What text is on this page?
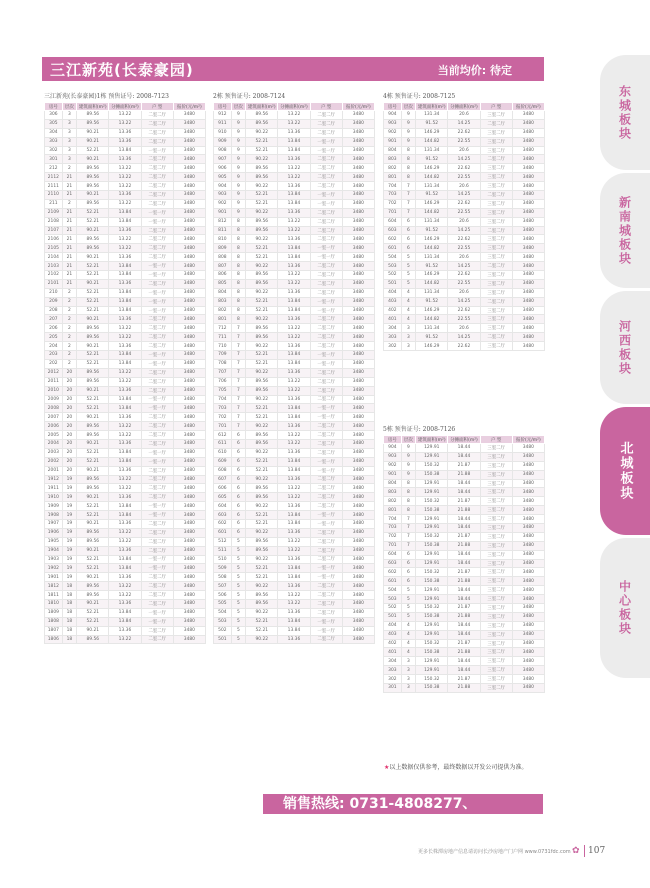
三江新苑(长泰豪园)	当前均价: 待定
东城板块
新南城板块
河西板块
北城板块
中心板块
三江新苑(长泰豪园)1栋 预售证号: 2008-7123
房号	层次	建筑面积(m²)	分摊面积(m²)	户 型	报价(元/m²)
306	3	89.56	13.22	二室二厅	3480
305	3	89.56	13.22	二室二厅	3480
304	3	90.21	13.36	二室二厅	3480
303	3	90.21	13.36	二室二厅	3480
302	3	52.21	13.84	一室一厅	3480
301	3	90.21	13.36	二室二厅	3480
212	2	89.56	13.22	二室二厅	3480
2112	21	89.56	13.22	二室二厅	3480
2111	21	89.56	13.22	二室二厅	3480
2110	21	90.21	13.36	二室二厅	3480
211	2	89.56	13.22	二室二厅	3480
2109	21	52.21	13.84	一室一厅	3480
2108	21	52.21	13.84	一室一厅	3480
2107	21	90.21	13.36	二室二厅	3480
2106	21	89.56	13.22	二室二厅	3480
2105	21	89.56	13.22	二室二厅	3480
2104	21	90.21	13.36	二室二厅	3480
2103	21	52.21	13.84	一室一厅	3480
2102	21	52.21	13.84	一室一厅	3480
2101	21	90.21	13.36	二室二厅	3480
210	2	52.21	13.84	一室一厅	3480
209	2	52.21	13.84	一室一厅	3480
208	2	52.21	13.84	一室一厅	3480
207	2	90.21	13.36	二室二厅	3480
206	2	89.56	13.22	二室二厅	3480
205	2	89.56	13.22	二室二厅	3480
204	2	90.21	13.36	二室二厅	3480
203	2	52.21	13.84	一室一厅	3480
202	2	52.21	13.84	一室一厅	3480
2012	20	89.56	13.22	二室二厅	3480
2011	20	89.56	13.22	二室二厅	3480
2010	20	90.21	13.36	二室二厅	3480
2009	20	52.21	13.84	一室一厅	3480
2008	20	52.21	13.84	一室一厅	3480
2007	20	90.21	13.36	二室二厅	3480
2006	20	89.56	13.22	二室二厅	3480
2005	20	89.56	13.22	二室二厅	3480
2004	20	90.21	13.36	二室二厅	3480
2003	20	52.21	13.84	一室一厅	3480
2002	20	52.21	13.84	一室一厅	3480
2001	20	90.21	13.36	二室二厅	3480
1912	19	89.56	13.22	二室二厅	3480
1911	19	89.56	13.22	二室二厅	3480
1910	19	90.21	13.36	二室二厅	3480
1909	19	52.21	13.84	一室一厅	3480
1908	19	52.21	13.84	一室一厅	3480
1907	19	90.21	13.36	二室二厅	3480
1906	19	89.56	13.22	二室二厅	3480
1905	19	89.56	13.22	二室二厅	3480
1904	19	90.21	13.36	二室二厅	3480
1903	19	52.21	13.84	一室一厅	3480
1902	19	52.21	13.84	一室一厅	3480
1901	19	90.21	13.36	二室二厅	3480
1812	18	89.56	13.22	二室二厅	3480
1811	18	89.56	13.22	二室二厅	3480
1810	18	90.21	13.36	二室二厅	3480
1809	18	52.21	13.84	一室一厅	3480
1808	18	52.21	13.84	一室一厅	3480
1807	18	90.21	13.36	二室二厅	3480
1806	18	89.56	13.22	二室二厅	3480
2栋 预售证号: 2008-7124
房号	层次	建筑面积(m²)	分摊面积(m²)	户 型	报价(元/m²)
912	9	89.56	13.22	二室二厅	3480
911	9	89.56	13.22	二室二厅	3480
910	9	90.22	13.36	二室二厅	3480
909	9	52.21	13.84	一室一厅	3480
908	9	52.21	13.84	一室一厅	3480
907	9	90.22	13.36	二室二厅	3480
906	9	89.56	13.22	二室二厅	3480
905	9	89.56	13.22	二室二厅	3480
904	9	90.22	13.36	二室二厅	3480
903	9	52.21	13.84	一室一厅	3480
902	9	52.21	13.84	一室一厅	3480
901	9	90.22	13.36	二室二厅	3480
812	8	89.56	13.22	二室二厅	3480
811	8	89.56	13.22	二室二厅	3480
810	8	90.22	13.36	二室二厅	3480
809	8	52.21	13.84	一室一厅	3480
808	8	52.21	13.84	一室一厅	3480
807	8	90.22	13.36	二室二厅	3480
806	8	89.56	13.22	二室二厅	3480
805	8	89.56	13.22	二室二厅	3480
804	8	90.22	13.36	二室二厅	3480
803	8	52.21	13.84	一室一厅	3480
802	8	52.21	13.84	一室一厅	3480
801	8	90.22	13.36	二室二厅	3480
712	7	89.56	13.22	二室二厅	3480
711	7	89.56	13.22	二室二厅	3480
710	7	90.22	13.36	二室二厅	3480
709	7	52.21	13.84	一室一厅	3480
708	7	52.21	13.84	一室一厅	3480
707	7	90.22	13.36	二室二厅	3480
706	7	89.56	13.22	二室二厅	3480
705	7	89.56	13.22	二室二厅	3480
704	7	90.22	13.36	二室二厅	3480
703	7	52.21	13.84	一室一厅	3480
702	7	52.21	13.84	一室一厅	3480
701	7	90.22	13.36	二室二厅	3480
612	6	89.56	13.22	二室二厅	3480
611	6	89.56	13.22	二室二厅	3480
610	6	90.22	13.36	二室二厅	3480
609	6	52.21	13.84	一室一厅	3480
608	6	52.21	13.84	一室一厅	3480
607	6	90.22	13.36	二室二厅	3480
606	6	89.56	13.22	二室二厅	3480
605	6	89.56	13.22	二室二厅	3480
604	6	90.22	13.36	二室二厅	3480
603	6	52.21	13.84	一室一厅	3480
602	6	52.21	13.84	一室一厅	3480
601	6	90.22	13.36	二室二厅	3480
512	5	89.56	13.22	二室二厅	3480
511	5	89.56	13.22	二室二厅	3480
510	5	90.22	13.36	二室二厅	3480
509	5	52.21	13.84	一室一厅	3480
508	5	52.21	13.84	一室一厅	3480
507	5	90.22	13.36	二室二厅	3480
506	5	89.56	13.22	二室二厅	3480
505	5	89.56	13.22	二室二厅	3480
504	5	90.22	13.36	二室二厅	3480
503	5	52.21	13.84	一室一厅	3480
502	5	52.21	13.84	一室一厅	3480
501	5	90.22	13.36	二室二厅	3480
4栋 预售证号: 2008-7125
房号	层次	建筑面积(m²)	分摊面积(m²)	户 型	报价(元/m²)
904	9	131.34	20.6	三室二厅	3480
903	9	91.52	14.25	二室二厅	3480
902	9	146.29	22.62	三室二厅	3480
901	9	144.82	22.55	三室二厅	3480
804	8	131.34	20.6	三室二厅	3480
803	8	91.52	14.25	二室二厅	3480
802	8	146.29	22.62	三室二厅	3480
801	8	144.82	22.55	三室二厅	3480
704	7	131.34	20.6	三室二厅	3480
703	7	91.52	14.25	二室二厅	3480
702	7	146.29	22.62	三室二厅	3480
701	7	144.82	22.55	三室二厅	3480
604	6	131.34	20.6	三室二厅	3480
603	6	91.52	14.25	二室二厅	3480
602	6	146.29	22.62	三室二厅	3480
601	6	144.82	22.55	三室二厅	3480
504	5	131.34	20.6	三室二厅	3480
503	5	91.52	14.25	二室二厅	3480
502	5	146.29	22.62	三室二厅	3480
501	5	144.82	22.55	三室二厅	3480
404	4	131.34	20.6	三室二厅	3480
403	4	91.52	14.25	二室二厅	3480
402	4	146.29	22.62	三室二厅	3480
401	4	144.82	22.55	三室二厅	3480
304	3	131.34	20.6	三室二厅	3480
303	3	91.52	14.25	二室二厅	3480
302	3	146.29	22.62	三室二厅	3480
5栋 预售证号: 2008-7126
房号	层次	建筑面积(m²)	分摊面积(m²)	户 型	报价(元/m²)
904	9	129.91	18.44	三室二厅	3480
903	9	129.91	18.44	三室二厅	3480
902	9	150.32	21.87	三室二厅	3480
901	9	150.38	21.88	三室二厅	3480
804	8	129.91	18.44	三室二厅	3480
803	8	129.91	18.44	三室二厅	3480
802	8	150.32	21.87	三室二厅	3480
801	8	150.38	21.88	三室二厅	3480
704	7	129.91	18.44	三室二厅	3480
703	7	129.91	18.44	三室二厅	3480
702	7	150.32	21.87	三室二厅	3480
701	7	150.38	21.88	三室二厅	3480
604	6	129.91	18.44	三室二厅	3480
603	6	129.91	18.44	三室二厅	3480
602	6	150.32	21.87	三室二厅	3480
601	6	150.38	21.88	三室二厅	3480
504	5	129.91	18.44	三室二厅	3480
503	5	129.91	18.44	三室二厅	3480
502	5	150.32	21.87	三室二厅	3480
501	5	150.38	21.88	三室二厅	3480
404	4	129.91	18.44	三室二厅	3480
403	4	129.91	18.44	三室二厅	3480
402	4	150.32	21.87	三室二厅	3480
401	4	150.38	21.88	三室二厅	3480
304	3	129.91	18.44	三室二厅	3480
303	3	129.91	18.44	三室二厅	3480
302	3	150.32	21.87	三室二厅	3480
301	3	150.38	21.88	三室二厅	3480
★以上数据仅供参考，最终数据以开发公司提供为准。
销售热线: 0731-4808277、4808577
更多长株潭房地产信息请访问长沙房地产门户网 www.0731fdc.com ✿ 107
